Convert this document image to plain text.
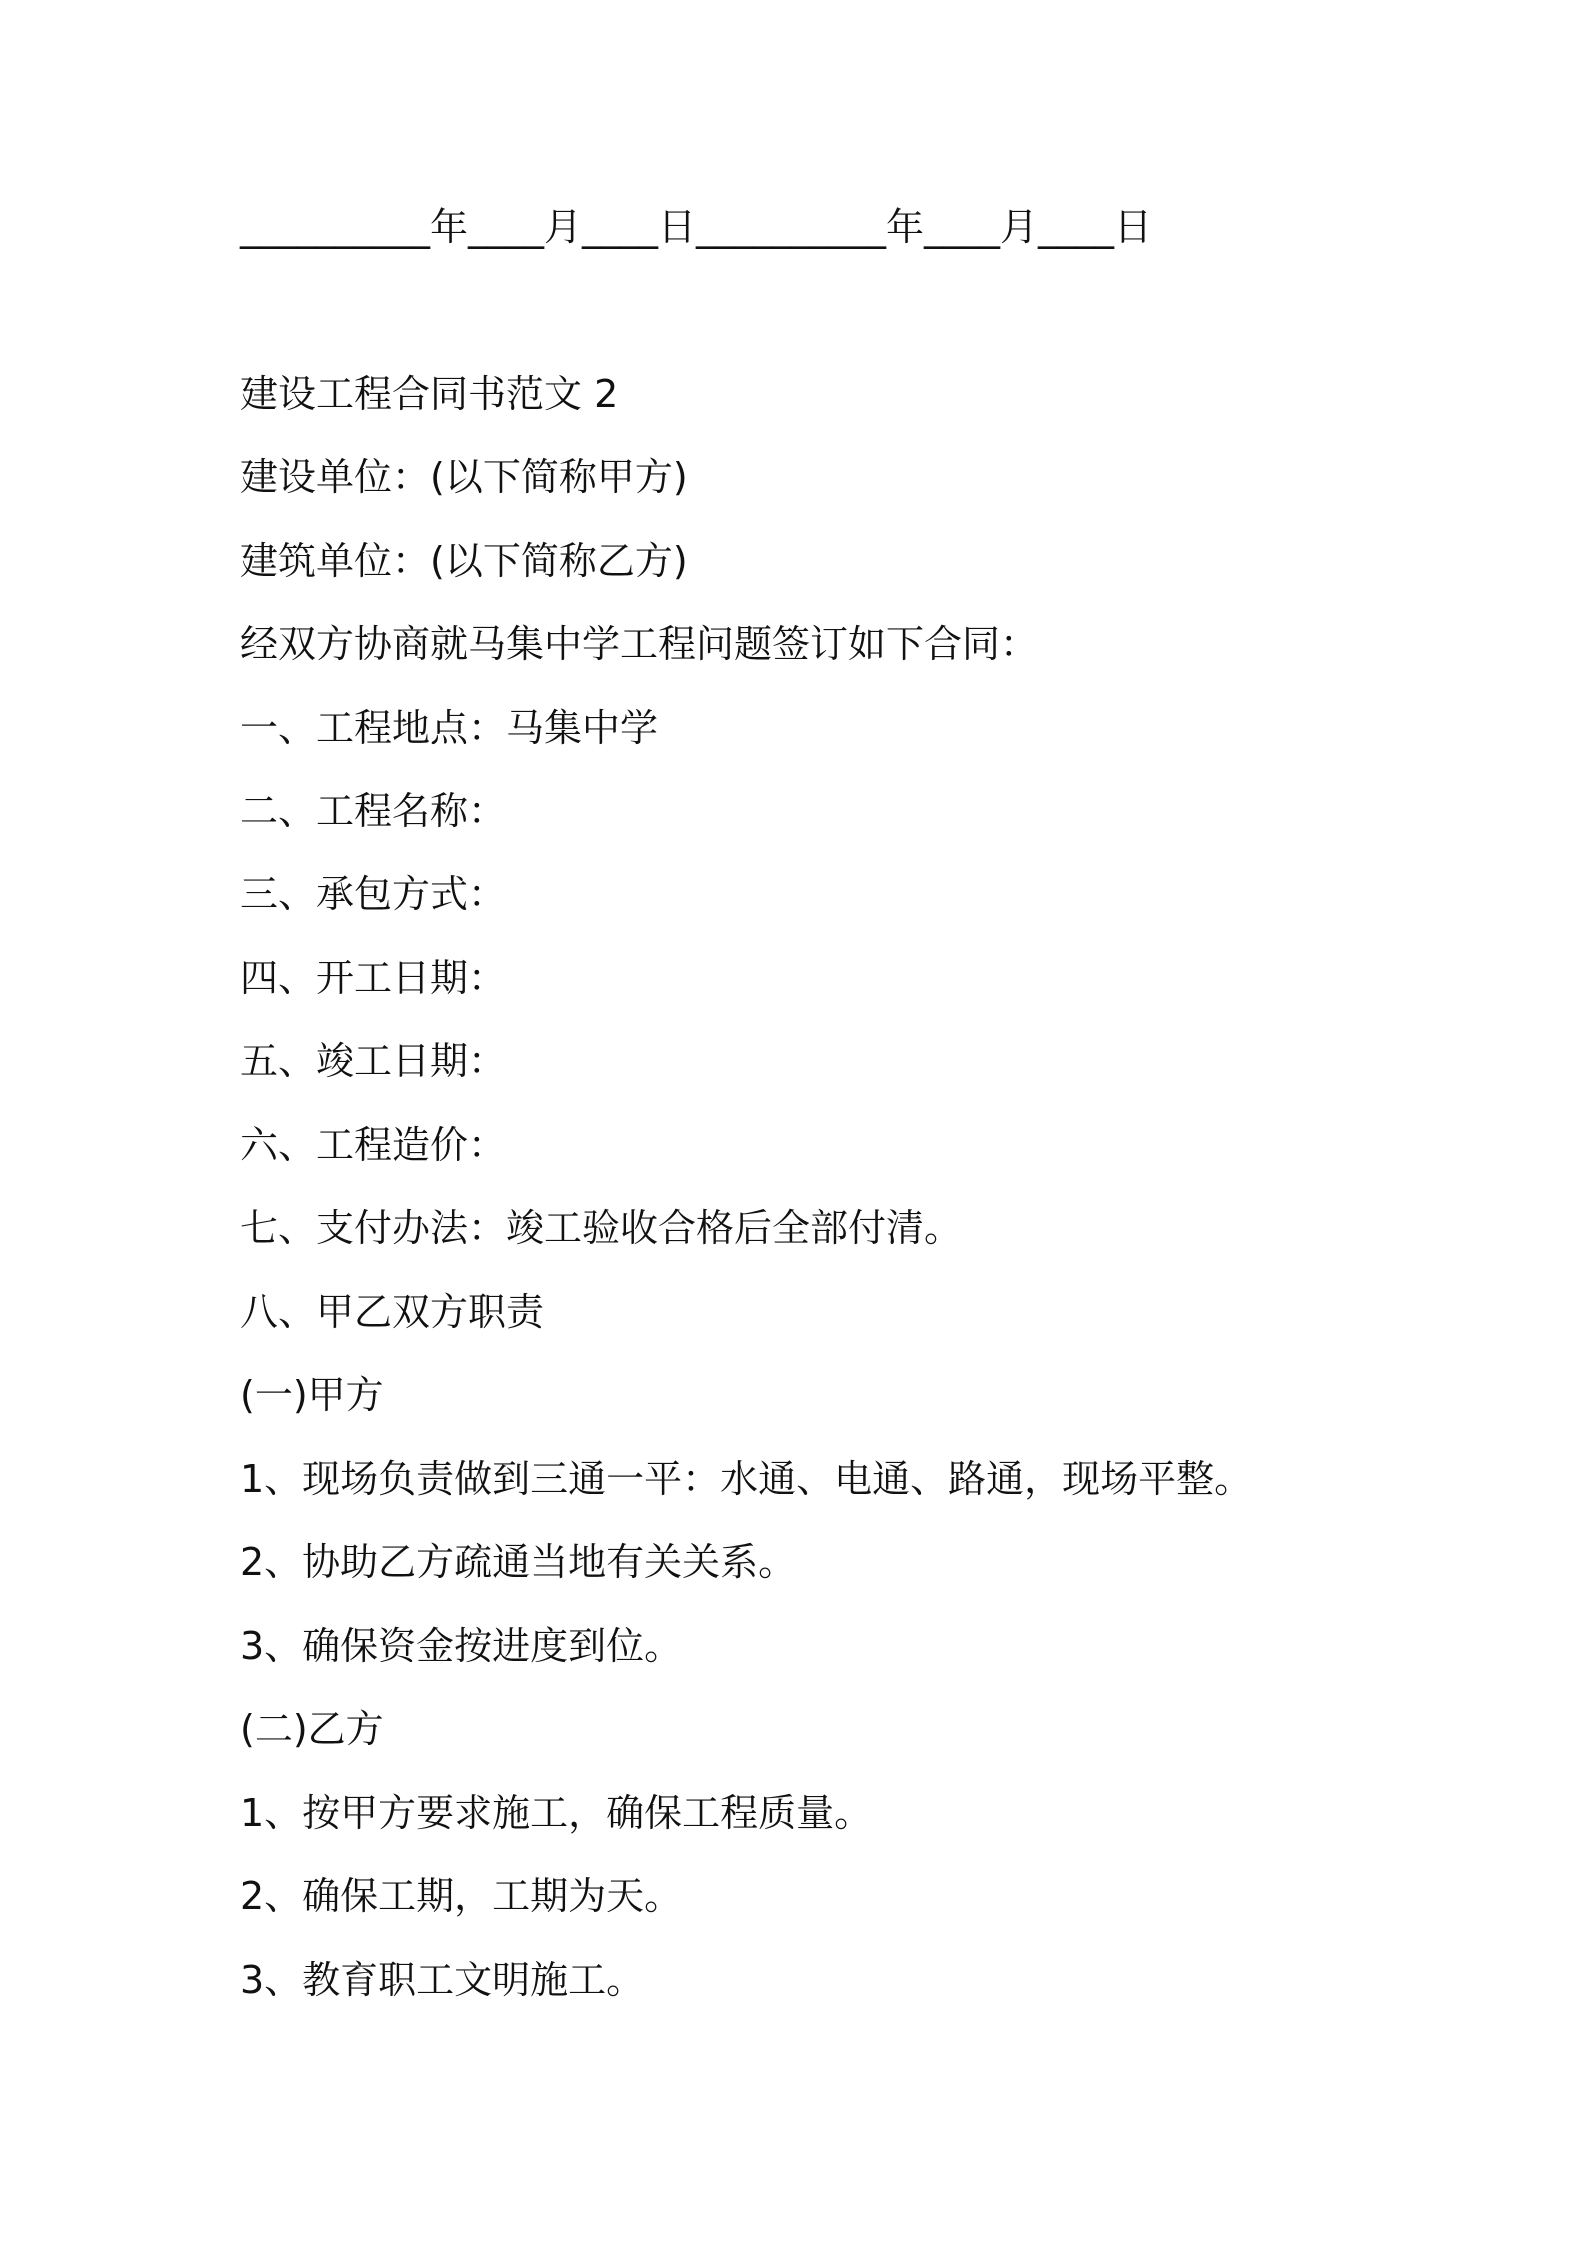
__________年____月____日__________年____月____日
建设工程合同书范文 2
建设单位：(以下简称甲方)
建筑单位：(以下简称乙方)
经双方协商就马集中学工程问题签订如下合同：
一、工程地点：马集中学
二、工程名称：
三、承包方式：
四、开工日期：
五、竣工日期：
六、工程造价：
七、支付办法：竣工验收合格后全部付清。
八、甲乙双方职责
(一)甲方
1、现场负责做到三通一平：水通、电通、路通，现场平整。
2、协助乙方疏通当地有关关系。
3、确保资金按进度到位。
(二)乙方
1、按甲方要求施工，确保工程质量。
2、确保工期，工期为天。
3、教育职工文明施工。
